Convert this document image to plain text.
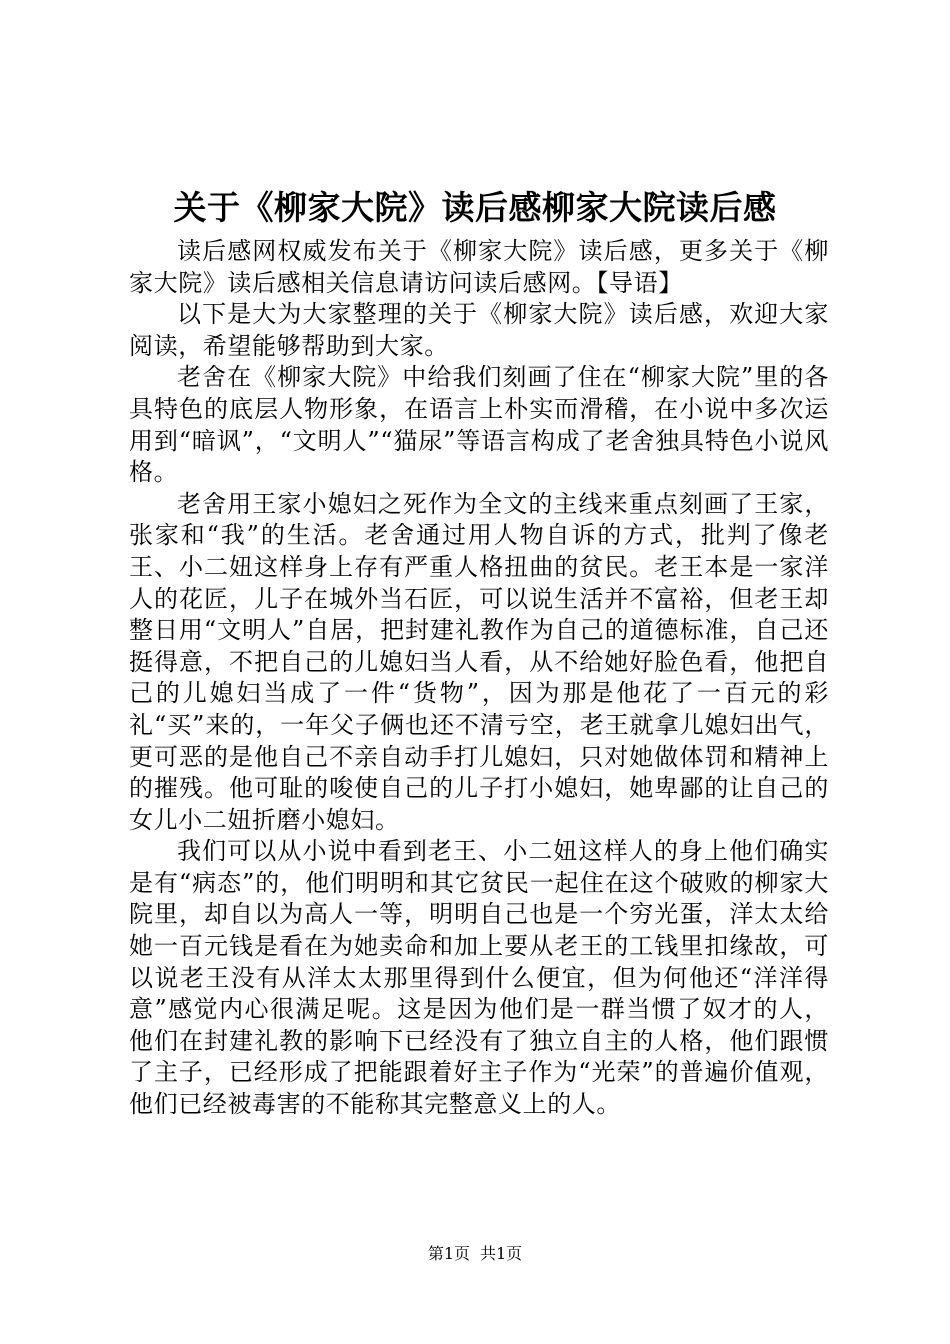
关于《柳家大院》读后感柳家大院读后感

读后感网权威发布关于《柳家大院》读后感，更多关于《柳家大院》读后感相关信息请访问读后感网。【导语】

以下是大为大家整理的关于《柳家大院》读后感，欢迎大家阅读，希望能够帮助到大家。

老舍在《柳家大院》中给我们刻画了住在“柳家大院”里的各具特色的底层人物形象，在语言上朴实而滑稽，在小说中多次运用到“暗讽”，“文明人”“猫尿”等语言构成了老舍独具特色小说风格。

老舍用王家小媳妇之死作为全文的主线来重点刻画了王家，张家和“我”的生活。老舍通过用人物自诉的方式，批判了像老王、小二妞这样身上存有严重人格扭曲的贫民。老王本是一家洋人的花匠，儿子在城外当石匠，可以说生活并不富裕，但老王却整日用“文明人”自居，把封建礼教作为自己的道德标准，自己还挺得意，不把自己的儿媳妇当人看，从不给她好脸色看，他把自己的儿媳妇当成了一件“货物”，因为那是他花了一百元的彩礼“买”来的，一年父子俩也还不清亏空，老王就拿儿媳妇出气，更可恶的是他自己不亲自动手打儿媳妇，只对她做体罚和精神上的摧残。他可耻的唆使自己的儿子打小媳妇，她卑鄙的让自己的女儿小二妞折磨小媳妇。

我们可以从小说中看到老王、小二妞这样人的身上他们确实是有“病态”的，他们明明和其它贫民一起住在这个破败的柳家大院里，却自以为高人一等，明明自己也是一个穷光蛋，洋太太给她一百元钱是看在为她卖命和加上要从老王的工钱里扣缘故，可以说老王没有从洋太太那里得到什么便宜，但为何他还“洋洋得意”感觉内心很满足呢。这是因为他们是一群当惯了奴才的人，他们在封建礼教的影响下已经没有了独立自主的人格，他们跟惯了主子，已经形成了把能跟着好主子作为“光荣”的普遍价值观，他们已经被毒害的不能称其完整意义上的人。

第1页 共1页
